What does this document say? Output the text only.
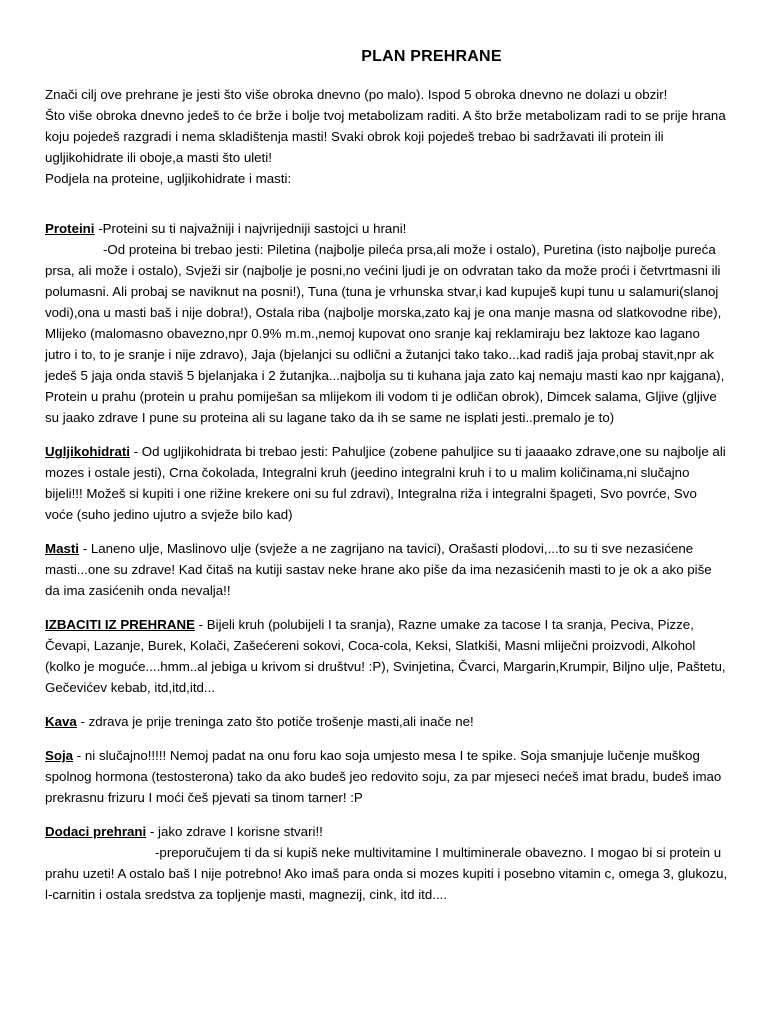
PLAN PREHRANE

Znači cilj ove prehrane je jesti što više obroka dnevno (po malo). Ispod 5 obroka dnevno ne dolazi u obzir!

Što više obroka dnevno jedeš to će brže i bolje tvoj metabolizam raditi. A što brže metabolizam radi to se prije hrana koju pojedeš razgradi i nema skladištenja masti! Svaki obrok koji pojedeš trebao bi sadržavati ili protein ili ugljikohidrate ili oboje,a masti što uleti!

Podjela na proteine, ugljikohidrate i masti:

Proteini -Proteini su ti najvažniji i najvrijedniji sastojci u hrani!

-Od proteina bi trebao jesti: Piletina (najbolje pileća prsa,ali može i ostalo), Puretina (isto najbolje pureća prsa, ali može i ostalo), Svježi sir (najbolje je posni,no većini ljudi je on odvratan tako da može proći i četvrtmasni ili polumasni. Ali probaj se naviknut na posni!), Tuna (tuna je vrhunska stvar,i kad kupuješ kupi tunu u salamuri(slanoj vodi),ona u masti baš i nije dobra!), Ostala riba (najbolje morska,zato kaj je ona manje masna od slatkovodne ribe), Mlijeko (malomasno obavezno,npr 0.9% m.m.,nemoj kupovat ono sranje kaj reklamiraju bez laktoze kao lagano jutro i to, to je sranje i nije zdravo), Jaja (bjelanjci su odlični a žutanjci tako tako...kad radiš jaja probaj stavit,npr ak jedeš 5 jaja onda staviš 5 bjelanjaka i 2 žutanjka...najbolja su ti kuhana jaja zato kaj nemaju masti kao npr kajgana), Protein u prahu (protein u prahu pomiješan sa mlijekom ili vodom ti je odličan obrok), Dimcek salama, Gljive (gljive su jaako zdrave I pune su proteina ali su lagane tako da ih se same ne isplati jesti..premalo je to)

Ugljikohidrati - Od ugljikohidrata bi trebao jesti: Pahuljice (zobene pahuljice su ti jaaaako zdrave,one su najbolje ali mozes i ostale jesti), Crna čokolada, Integralni kruh (jeedino integralni kruh i to u malim količinama,ni slučajno bijeli!!! Možeš si kupiti i one rižine krekere oni su ful zdravi), Integralna riža i integralni špageti, Svo povrće, Svo voće (suho jedino ujutro a svježe bilo kad)

Masti - Laneno ulje, Maslinovo ulje (svježe a ne zagrijano na tavici), Orašasti plodovi,...to su ti sve nezasićene masti...one su zdrave! Kad čitaš na kutiji sastav neke hrane ako piše da ima nezasićenih masti to je ok a ako piše da ima zasićenih onda nevalja!!

IZBACITI IZ PREHRANE - Bijeli kruh (polubijeli I ta sranja), Razne umake za tacose I ta sranja, Peciva, Pizze, Čevapi, Lazanje, Burek, Kolači, Zašećereni sokovi, Coca-cola, Keksi, Slatkiši, Masni mliječni proizvodi, Alkohol (kolko je moguće....hmm..al jebiga u krivom si društvu! :P), Svinjetina, Čvarci, Margarin,Krumpir, Biljno ulje, Paštetu, Gečevićev kebab, itd,itd,itd...

Kava - zdrava je prije treninga zato što potiče trošenje masti,ali inače ne!

Soja - ni slučajno!!!!! Nemoj padat na onu foru kao soja umjesto mesa I te spike. Soja smanjuje lučenje muškog spolnog hormona (testosterona) tako da ako budeš jeo redovito soju, za par mjeseci nećeš imat bradu, budeš imao prekrasnu frizuru I moći češ pjevati sa tinom tarner! :P

Dodaci prehrani - jako zdrave I korisne stvari!!

-preporučujem ti da si kupiš neke multivitamine I multiminerale obavezno. I mogao bi si protein u prahu uzeti! A ostalo baš I nije potrebno! Ako imaš para onda si mozes kupiti i posebno vitamin c, omega 3, glukozu, l-carnitin i ostala sredstva za topljenje masti, magnezij, cink, itd itd....
